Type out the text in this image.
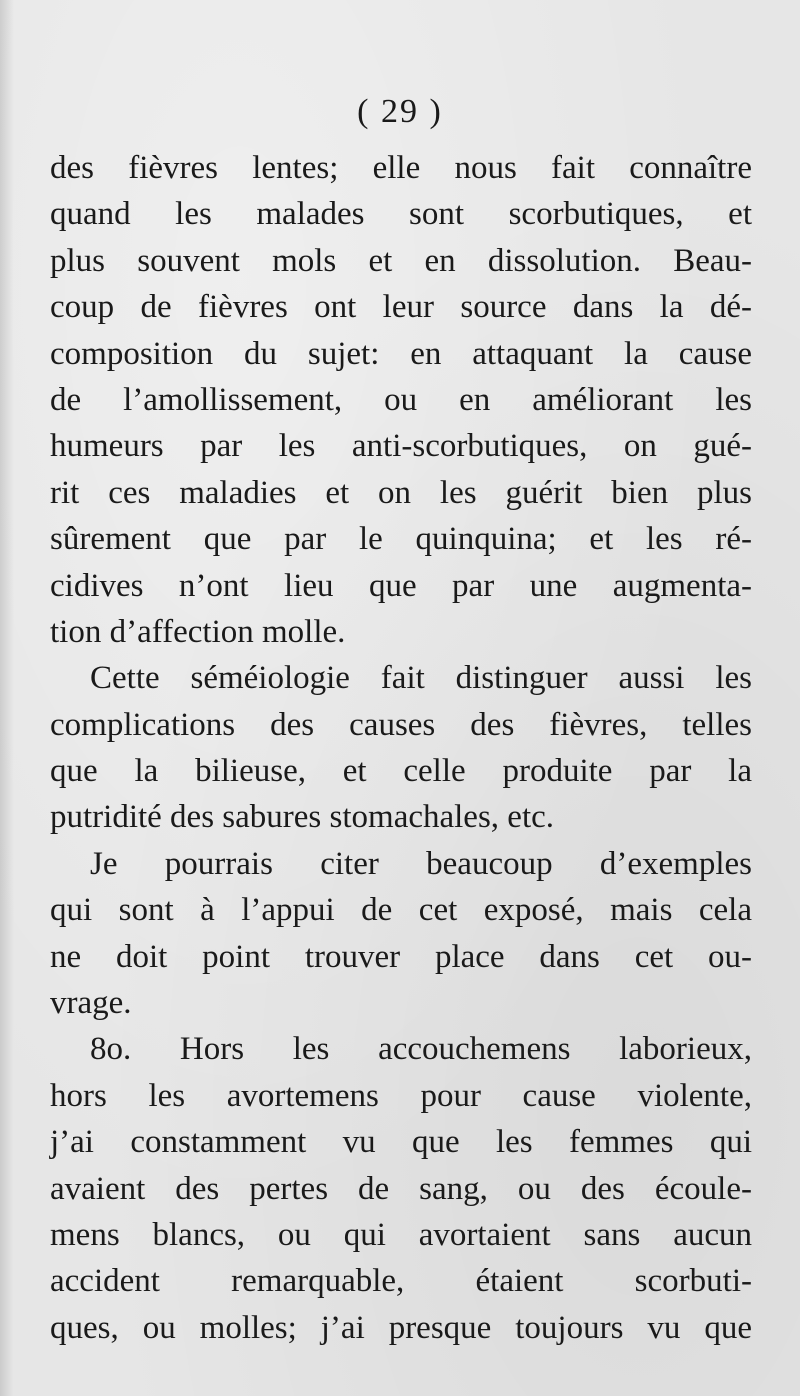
( 29 )
des fièvres lentes; elle nous fait connaître
quand les malades sont scorbutiques, et
plus souvent mols et en dissolution. Beau-
coup de fièvres ont leur source dans la dé-
composition du sujet: en attaquant la cause
de l’amollissement, ou en améliorant les
humeurs par les anti-scorbutiques, on gué-
rit ces maladies et on les guérit bien plus
sûrement que par le quinquina; et les ré-
cidives n’ont lieu que par une augmenta-
tion d’affection molle.
Cette séméiologie fait distinguer aussi les
complications des causes des fièvres, telles
que la bilieuse, et celle produite par la
putridité des sabures stomachales, etc.
Je pourrais citer beaucoup d’exemples
qui sont à l’appui de cet exposé, mais cela
ne doit point trouver place dans cet ou-
vrage.
8o. Hors les accouchemens laborieux,
hors les avortemens pour cause violente,
j’ai constamment vu que les femmes qui
avaient des pertes de sang, ou des écoule-
mens blancs, ou qui avortaient sans aucun
accident remarquable, étaient scorbuti-
ques, ou molles; j’ai presque toujours vu que
